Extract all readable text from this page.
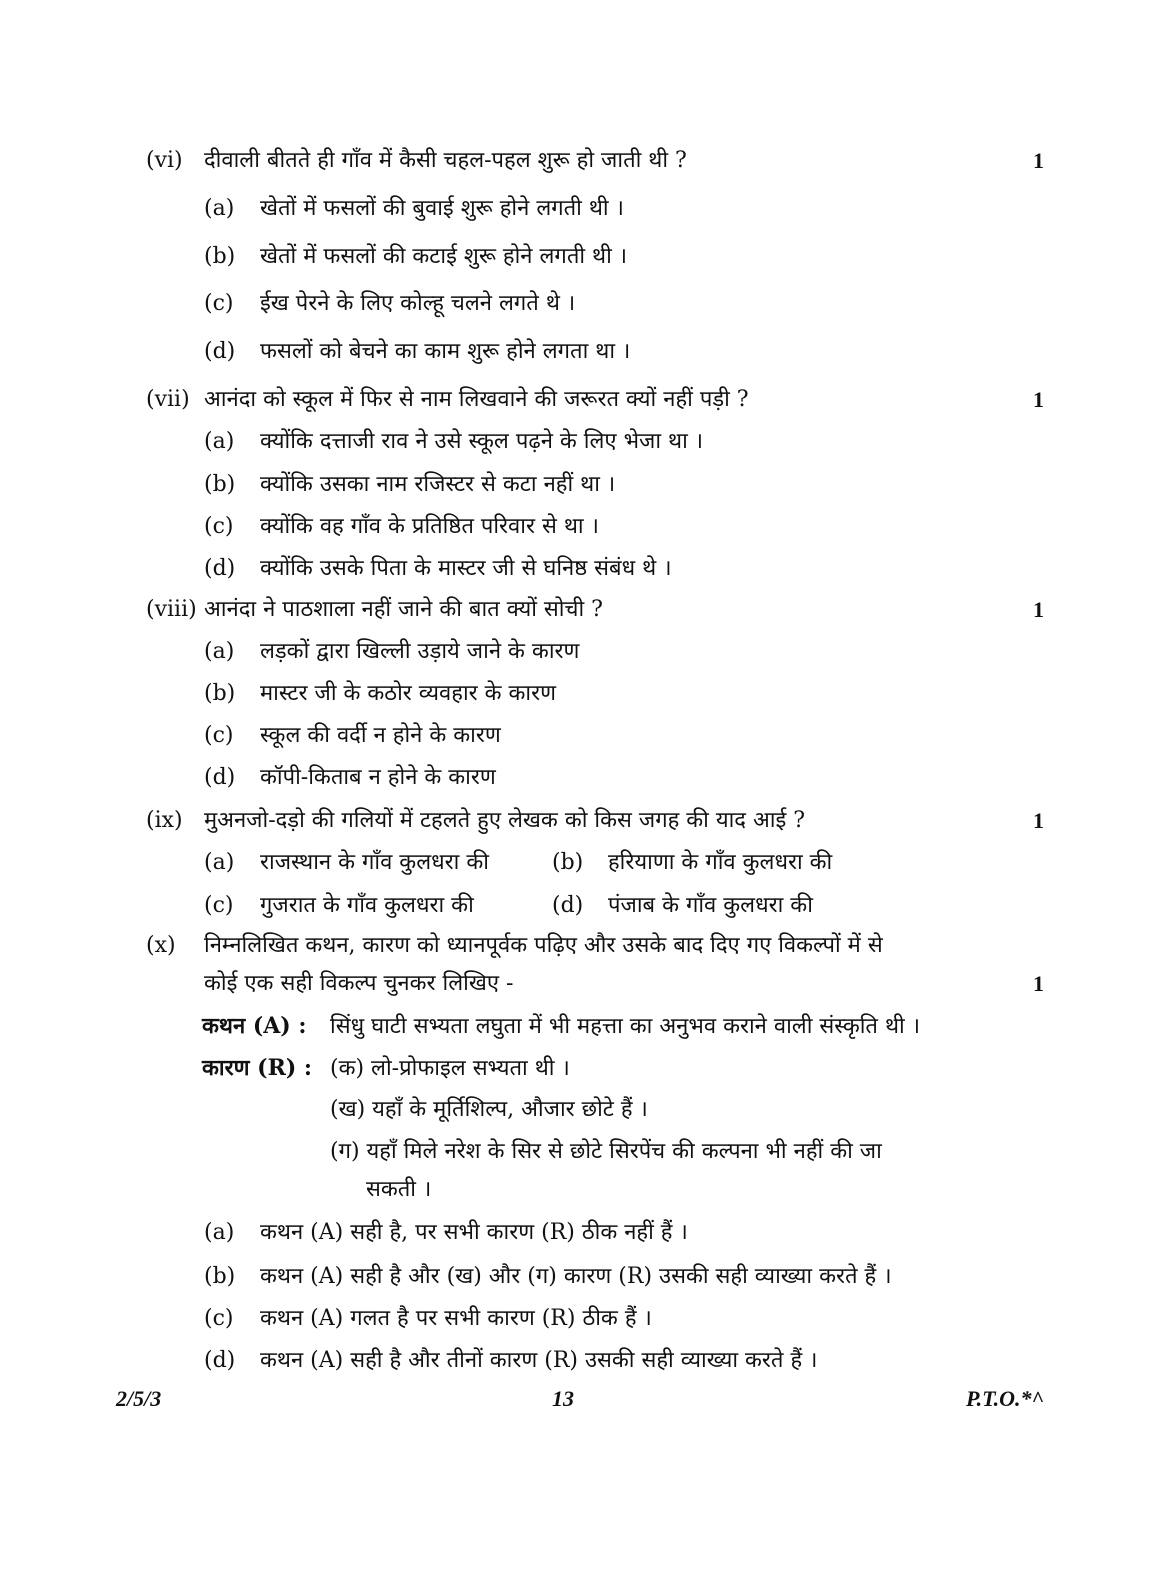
(vi) दीवाली बीतते ही गाँव में कैसी चहल-पहल शुरू हो जाती थी ?	1
(a) खेतों में फसलों की बुवाई शुरू होने लगती थी ।
(b) खेतों में फसलों की कटाई शुरू होने लगती थी ।
(c) ईख पेरने के लिए कोल्हू चलने लगते थे ।
(d) फसलों को बेचने का काम शुरू होने लगता था ।
(vii) आनंदा को स्कूल में फिर से नाम लिखवाने की जरूरत क्यों नहीं पड़ी ?	1
(a) क्योंकि दत्ताजी राव ने उसे स्कूल पढ़ने के लिए भेजा था ।
(b) क्योंकि उसका नाम रजिस्टर से कटा नहीं था ।
(c) क्योंकि वह गाँव के प्रतिष्ठित परिवार से था ।
(d) क्योंकि उसके पिता के मास्टर जी से घनिष्ठ संबंध थे ।
(viii) आनंदा ने पाठशाला नहीं जाने की बात क्यों सोची ?	1
(a) लड़कों द्वारा खिल्ली उड़ाये जाने के कारण
(b) मास्टर जी के कठोर व्यवहार के कारण
(c) स्कूल की वर्दी न होने के कारण
(d) कॉपी-किताब न होने के कारण
(ix) मुअनजो-दड़ो की गलियों में टहलते हुए लेखक को किस जगह की याद आई ?	1
(a) राजस्थान के गाँव कुलधरा की	(b) हरियाणा के गाँव कुलधरा की
(c) गुजरात के गाँव कुलधरा की	(d) पंजाब के गाँव कुलधरा की
(x) निम्नलिखित कथन, कारण को ध्यानपूर्वक पढ़िए और उसके बाद दिए गए विकल्पों में से
कोई एक सही विकल्प चुनकर लिखिए -	1
कथन (A) : सिंधु घाटी सभ्यता लघुता में भी महत्ता का अनुभव कराने वाली संस्कृति थी ।
कारण (R) : (क) लो-प्रोफाइल सभ्यता थी ।
(ख) यहाँ के मूर्तिशिल्प, औजार छोटे हैं ।
(ग) यहाँ मिले नरेश के सिर से छोटे सिरपेंच की कल्पना भी नहीं की जा
सकती ।
(a) कथन (A) सही है, पर सभी कारण (R) ठीक नहीं हैं ।
(b) कथन (A) सही है और (ख) और (ग) कारण (R) उसकी सही व्याख्या करते हैं ।
(c) कथन (A) गलत है पर सभी कारण (R) ठीक हैं ।
(d) कथन (A) सही है और तीनों कारण (R) उसकी सही व्याख्या करते हैं ।
2/5/3	13	P.T.O.*^
